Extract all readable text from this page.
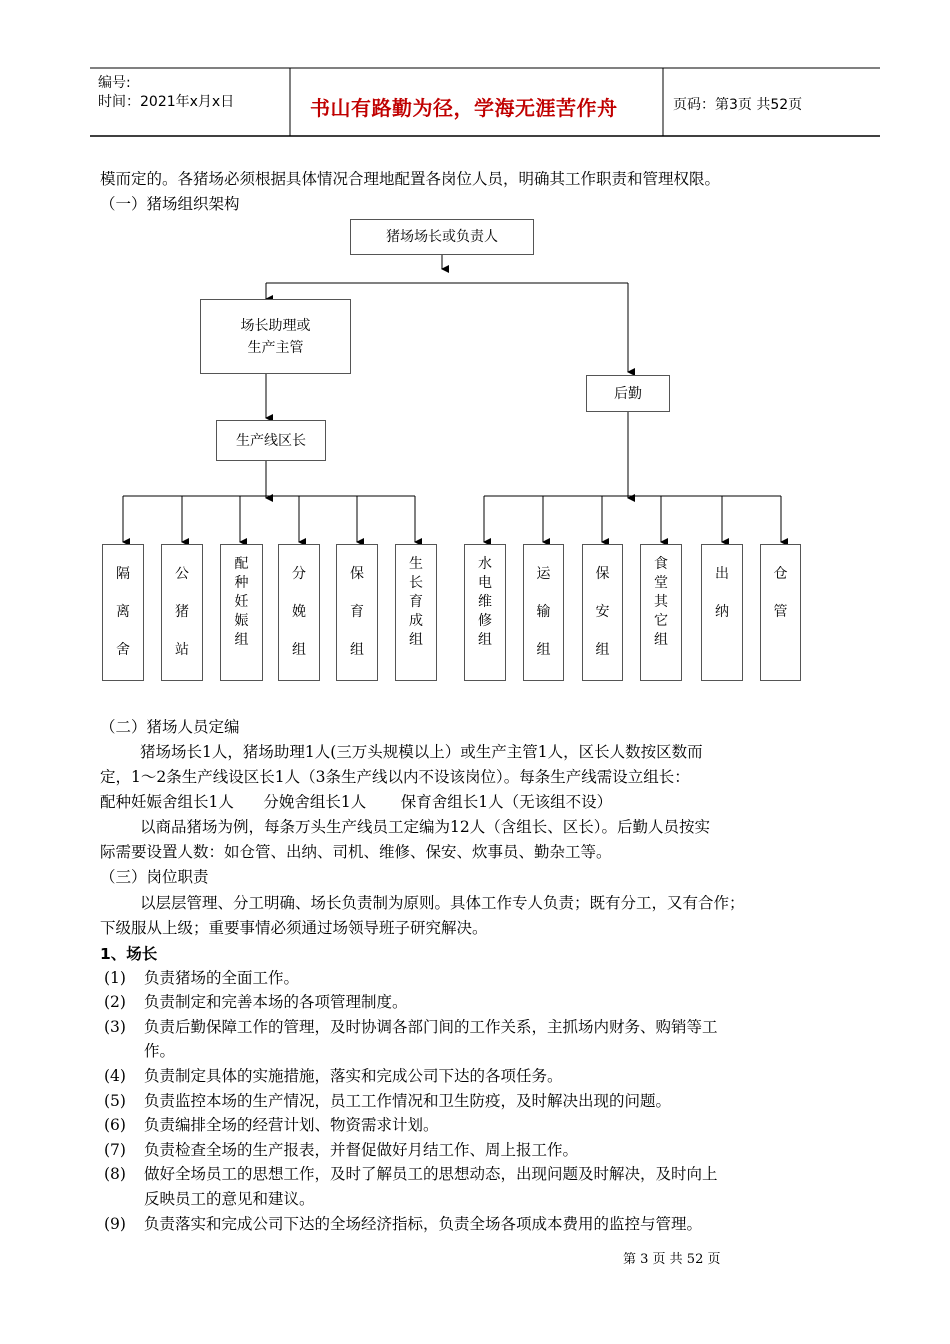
编号:
时间：2021年x月x日	书山有路勤为径，学海无涯苦作舟	页码：第3页 共52页
模而定的。各猪场必须根据具体情况合理地配置各岗位人员，明确其工作职责和管理权限。
（一）猪场组织架构
猪场场长或负责人
场长助理或
生产主管
后勤
生产线区长
隔离舍
公猪站
配种妊娠组
分娩组
保育组
生长育成组
水电维修组
运输组
保安组
食堂其它组
出纳
仓管
（二）猪场人员定编
猪场场长1人，猪场助理1人(三万头规模以上）或生产主管1人，区长人数按区数而
定，1～2条生产线设区长1人（3条生产线以内不设该岗位）。每条生产线需设立组长：
配种妊娠舍组长1人      分娩舍组长1人       保育舍组长1人（无该组不设）
以商品猪场为例，每条万头生产线员工定编为12人（含组长、区长）。后勤人员按实
际需要设置人数：如仓管、出纳、司机、维修、保安、炊事员、勤杂工等。
（三）岗位职责
以层层管理、分工明确、场长负责制为原则。具体工作专人负责；既有分工，又有合作；
下级服从上级；重要事情必须通过场领导班子研究解决。
1、场长
(1) 负责猪场的全面工作。
(2) 负责制定和完善本场的各项管理制度。
(3) 负责后勤保障工作的管理，及时协调各部门间的工作关系，主抓场内财务、购销等工
作。
(4) 负责制定具体的实施措施，落实和完成公司下达的各项任务。
(5) 负责监控本场的生产情况，员工工作情况和卫生防疫，及时解决出现的问题。
(6) 负责编排全场的经营计划、物资需求计划。
(7) 负责检查全场的生产报表，并督促做好月结工作、周上报工作。
(8) 做好全场员工的思想工作，及时了解员工的思想动态，出现问题及时解决，及时向上
反映员工的意见和建议。
(9) 负责落实和完成公司下达的全场经济指标，负责全场各项成本费用的监控与管理。
第 3 页 共 52 页
